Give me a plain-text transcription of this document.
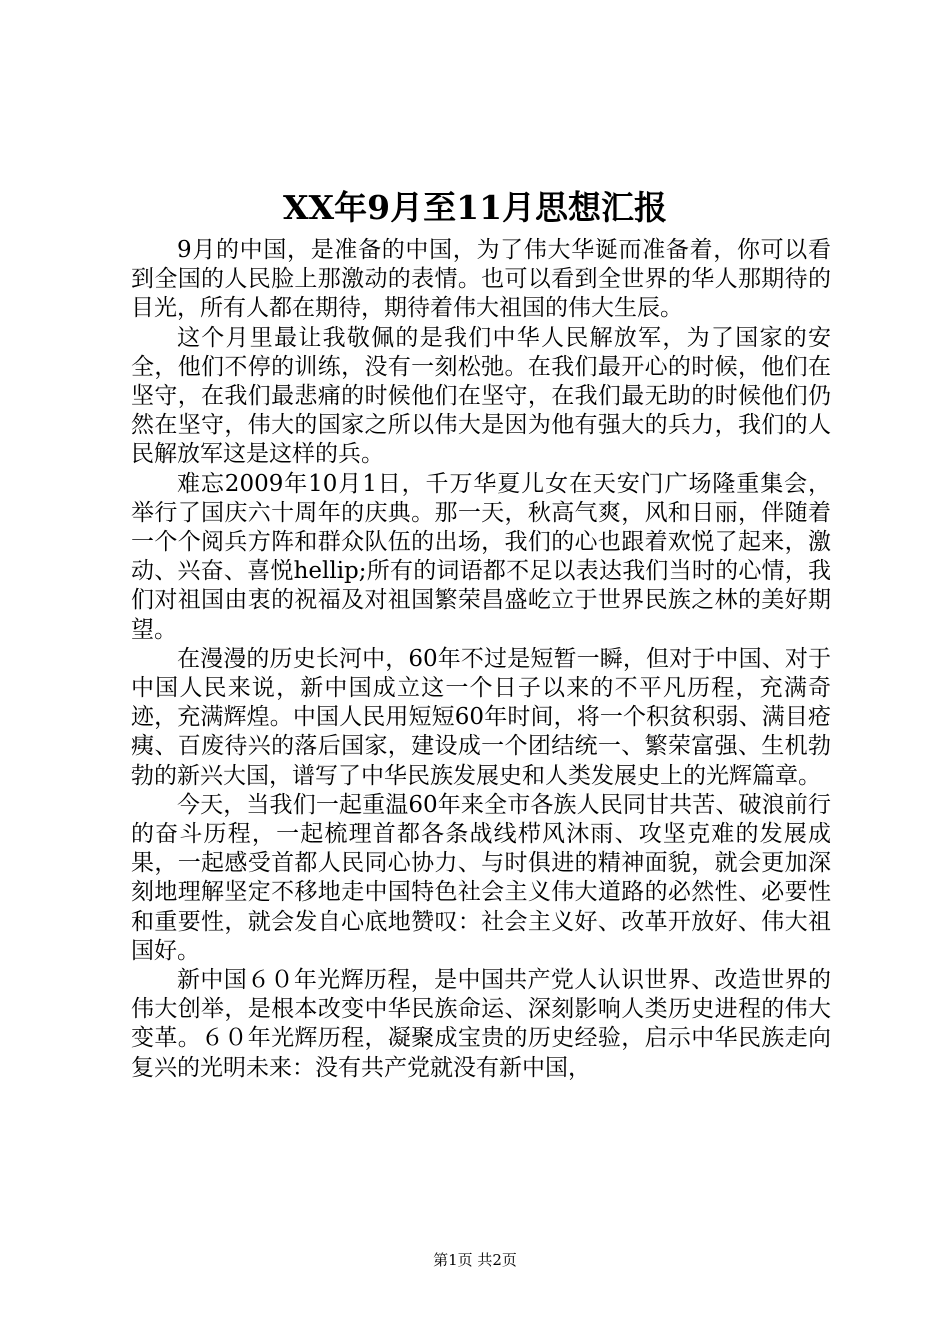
XX年9月至11月思想汇报

9月的中国，是准备的中国，为了伟大华诞而准备着，你可以看到全国的人民脸上那激动的表情。也可以看到全世界的华人那期待的目光，所有人都在期待，期待着伟大祖国的伟大生辰。

这个月里最让我敬佩的是我们中华人民解放军，为了国家的安全，他们不停的训练，没有一刻松弛。在我们最开心的时候，他们在坚守，在我们最悲痛的时候他们在坚守，在我们最无助的时候他们仍然在坚守，伟大的国家之所以伟大是因为他有强大的兵力，我们的人民解放军这是这样的兵。

难忘2009年10月1日，千万华夏儿女在天安门广场隆重集会，举行了国庆六十周年的庆典。那一天，秋高气爽，风和日丽，伴随着一个个阅兵方阵和群众队伍的出场，我们的心也跟着欢悦了起来，激动、兴奋、喜悦hellip;所有的词语都不足以表达我们当时的心情，我们对祖国由衷的祝福及对祖国繁荣昌盛屹立于世界民族之林的美好期望。

在漫漫的历史长河中，60年不过是短暂一瞬，但对于中国、对于中国人民来说，新中国成立这一个日子以来的不平凡历程，充满奇迹，充满辉煌。中国人民用短短60年时间，将一个积贫积弱、满目疮痍、百废待兴的落后国家，建设成一个团结统一、繁荣富强、生机勃勃的新兴大国，谱写了中华民族发展史和人类发展史上的光辉篇章。

今天，当我们一起重温60年来全市各族人民同甘共苦、破浪前行的奋斗历程，一起梳理首都各条战线栉风沐雨、攻坚克难的发展成果，一起感受首都人民同心协力、与时俱进的精神面貌，就会更加深刻地理解坚定不移地走中国特色社会主义伟大道路的必然性、必要性和重要性，就会发自心底地赞叹：社会主义好、改革开放好、伟大祖国好。

新中国６０年光辉历程，是中国共产党人认识世界、改造世界的伟大创举，是根本改变中华民族命运、深刻影响人类历史进程的伟大变革。６０年光辉历程，凝聚成宝贵的历史经验，启示中华民族走向复兴的光明未来：没有共产党就没有新中国，

第1页 共2页
